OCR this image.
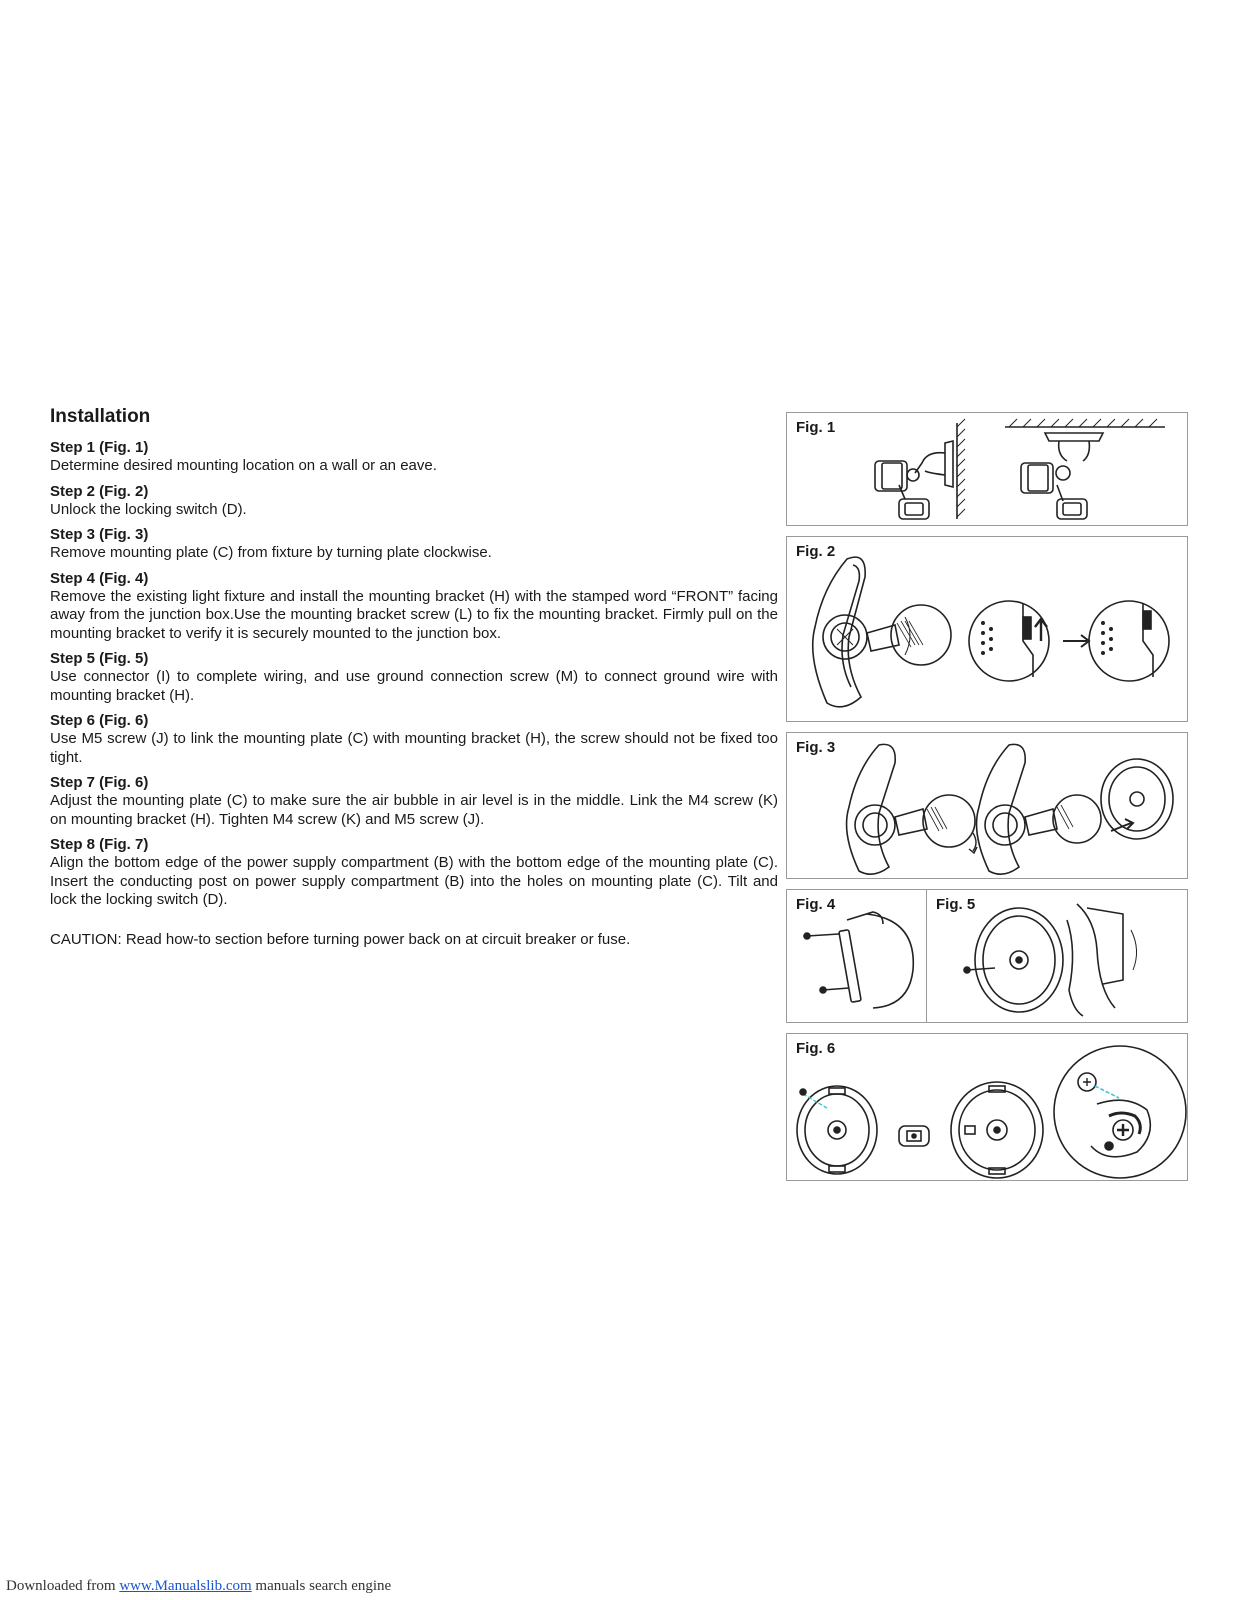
Installation
Step 1 (Fig. 1)
Determine desired mounting location on a wall or an eave.
Step 2 (Fig. 2)
Unlock the locking switch (D).
Step 3 (Fig. 3)
Remove mounting plate (C) from fixture by turning plate clockwise.
Step 4 (Fig. 4)
Remove the existing light fixture and install the mounting bracket (H) with the stamped word “FRONT” facing away from the junction box.Use the mounting bracket screw (L) to fix the mounting bracket. Firmly pull on the mounting bracket to verify it is securely mounted to the junction box.
Step 5 (Fig. 5)
Use connector (I) to complete wiring, and use ground connection screw (M) to connect ground wire with mounting bracket (H).
Step 6 (Fig. 6)
Use M5 screw (J) to link the mounting plate (C) with mounting bracket (H), the screw should not be fixed too tight.
Step 7 (Fig. 6)
Adjust the mounting plate (C) to make sure the air bubble in air level is in the middle. Link the M4 screw (K) on mounting bracket (H). Tighten M4 screw (K) and M5 screw (J).
Step 8 (Fig. 7)
Align the bottom edge of the power supply compartment (B) with the bottom edge of the mounting plate (C). Insert the conducting post on power supply compartment (B) into the holes on mounting plate (C). Tilt and lock the locking switch (D).
CAUTION: Read how-to section before turning power back on at circuit breaker or fuse.
Fig. 1
Fig. 2
Fig. 3
Fig. 4	Fig. 5
Fig. 6
Downloaded from www.Manualslib.com manuals search engine
